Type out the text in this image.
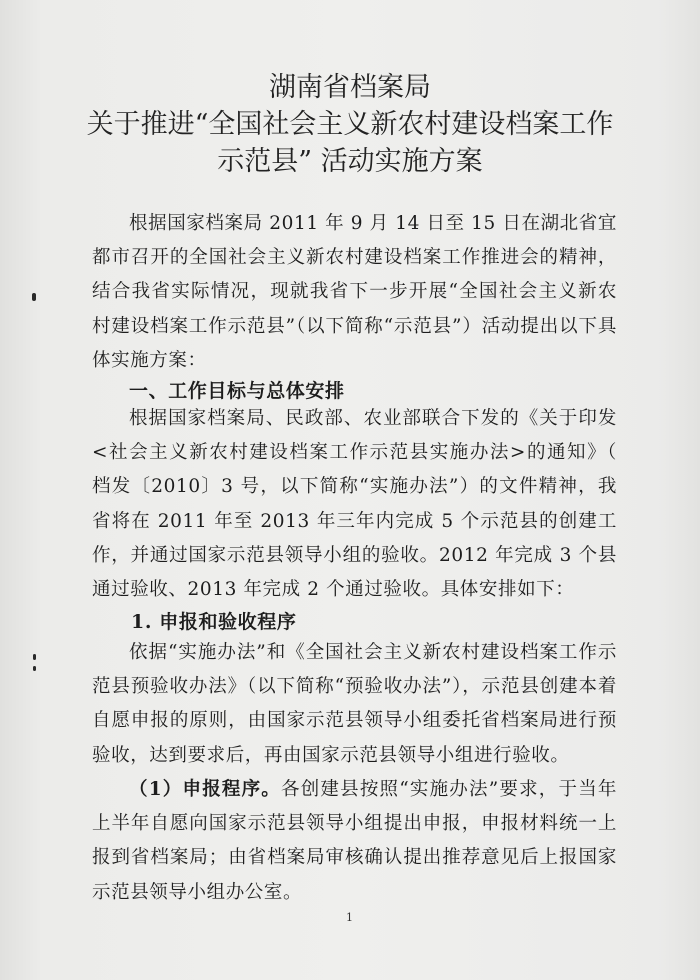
湖南省档案局
关于推进“全国社会主义新农村建设档案工作
示范县” 活动实施方案

根据国家档案局 2011 年 9 月 14 日至 15 日在湖北省宜都市召开的全国社会主义新农村建设档案工作推进会的精神，结合我省实际情况，现就我省下一步开展“全国社会主义新农村建设档案工作示范县”（以下简称“示范县”）活动提出以下具体实施方案：

一、工作目标与总体安排

根据国家档案局、民政部、农业部联合下发的《关于印发<社会主义新农村建设档案工作示范县实施办法>的通知》（ 档发〔2010〕3 号，以下简称“实施办法”）的文件精神，我省将在 2011 年至 2013 年三年内完成 5 个示范县的创建工作，并通过国家示范县领导小组的验收。2012 年完成 3 个县通过验收、2013 年完成 2 个通过验收。具体安排如下：

1. 申报和验收程序

依据“实施办法”和《全国社会主义新农村建设档案工作示范县预验收办法》（以下简称“预验收办法”），示范县创建本着自愿申报的原则，由国家示范县领导小组委托省档案局进行预验收，达到要求后，再由国家示范县领导小组进行验收。

（1）申报程序。各创建县按照“实施办法”要求，于当年上半年自愿向国家示范县领导小组提出申报，申报材料统一上报到省档案局；由省档案局审核确认提出推荐意见后上报国家示范县领导小组办公室。

1
